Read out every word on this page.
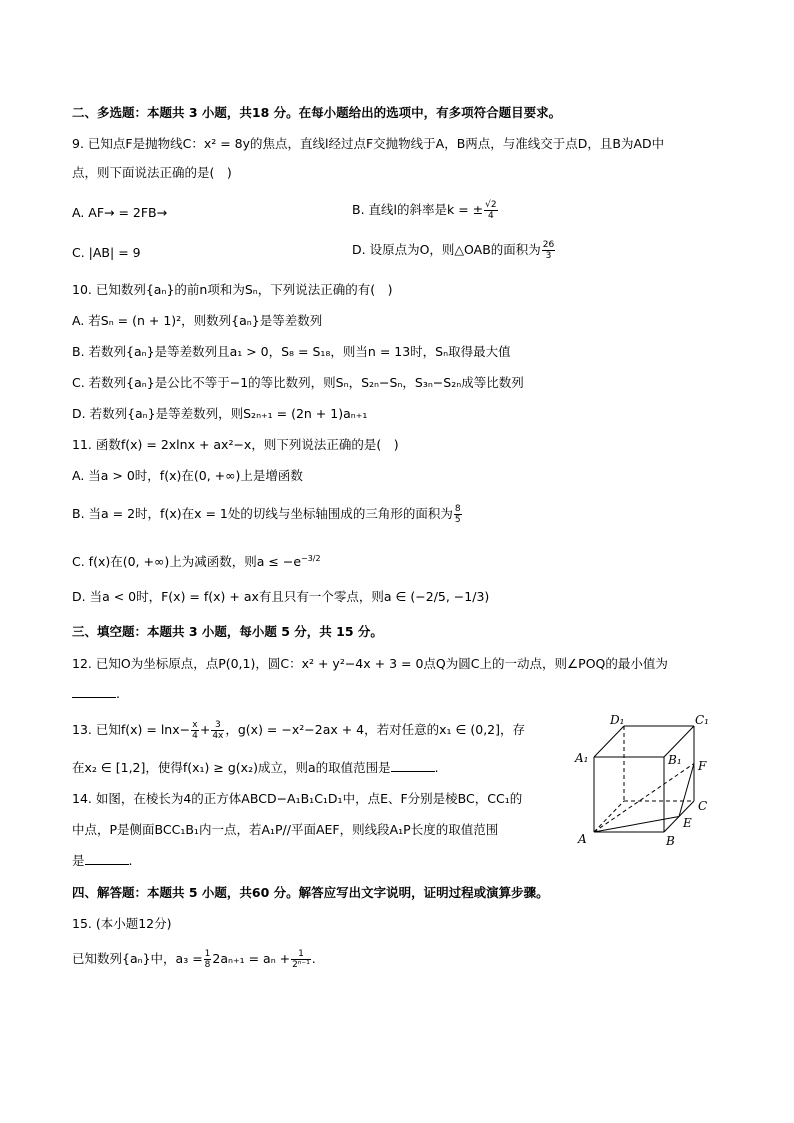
二、多选题：本题共 3 小题，共18 分。在每小题给出的选项中，有多项符合题目要求。
9. 已知点F是抛物线C：x² = 8y的焦点，直线l经过点F交抛物线于A，B两点，与准线交于点D，且B为AD中
点，则下面说法正确的是(　)
A. AF→ = 2FB→	B. 直线l的斜率是k = ± $\frac{√2}{4}$
C. |AB| = 9	D. 设原点为O，则△OAB的面积为 $\frac{26}{3}$
10. 已知数列{aₙ}的前n项和为Sₙ，下列说法正确的有(　)
A. 若Sₙ = (n + 1)²，则数列{aₙ}是等差数列
B. 若数列{aₙ}是等差数列且a₁ > 0，S₈ = S₁₈，则当n = 13时，Sₙ取得最大值
C. 若数列{aₙ}是公比不等于−1的等比数列，则Sₙ，S₂ₙ−Sₙ，S₃ₙ−S₂ₙ成等比数列
D. 若数列{aₙ}是等差数列，则S₂ₙ₊₁ = (2n + 1)aₙ₊₁
11. 函数f(x) = 2xlnx + ax²−x，则下列说法正确的是(　)
A. 当a > 0时，f(x)在(0, +∞)上是增函数
B. 当a = 2时，f(x)在x = 1处的切线与坐标轴围成的三角形的面积为 $\frac{8}{5}$
C. f(x)在(0, +∞)上为减函数，则$a \le -e^{-3/2}$
D. 当a < 0时，F(x) = f(x) + ax有且只有一个零点，则a ∈ (−2/5, −1/3)
三、填空题：本题共 3 小题，每小题 5 分，共 15 分。
12. 已知O为坐标原点，点P(0,1)，圆C：x² + y²−4x + 3 = 0点Q为圆C上的一动点，则∠POQ的最小值为
.
13. 已知$f(x) = \ln x- \frac{x}{4} + \frac{3}{4x}$ ，g(x) = −x²−2ax + 4，若对任意的x₁ ∈ (0,2]，存
在x₂ ∈ [1,2]，使得f(x₁) ≥ g(x₂)成立，则a的取值范围是	.
14. 如图，在棱长为4的正方体ABCD−A₁B₁C₁D₁中，点E、F分别是棱BC，CC₁的
中点，P是侧面BCC₁B₁内一点，若A₁P//平面AEF，则线段A₁P长度的取值范围
是	.
D₁	C₁
A₁	B₁ F
C
E
A	B
四、解答题：本题共 5 小题，共60 分。解答应写出文字说明，证明过程或演算步骤。
15. (本小题12分)
已知数列{aₙ}中，$a_3 = \frac{1}{8} 2a_{n+1} = a_n + \frac{1}{\text{2ⁿ⁻¹}}$ .
